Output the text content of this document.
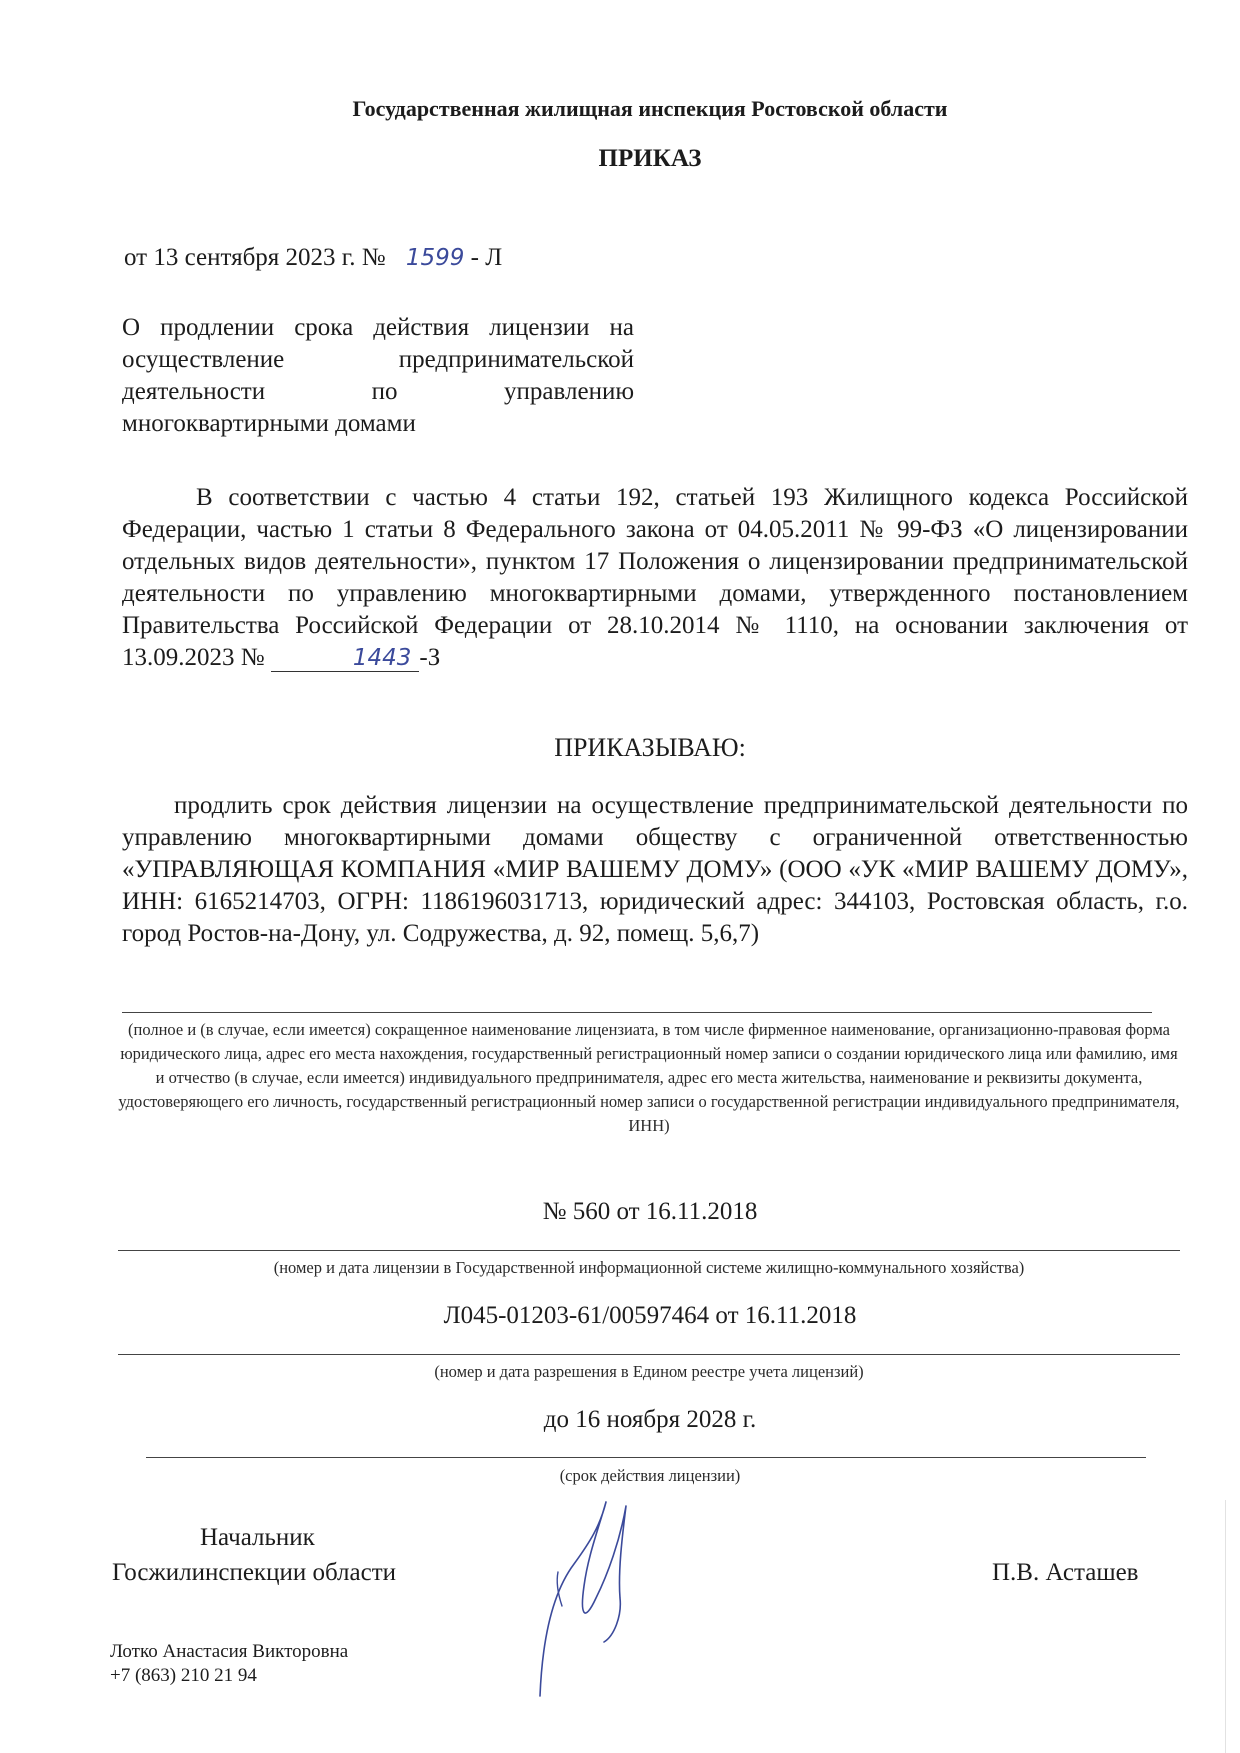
Государственная жилищная инспекция Ростовской области

ПРИКАЗ

от 13 сентября 2023 г. № 1599 - Л

О продлении срока действия лицензии на осуществление предпринимательской деятельности по управлению многоквартирными домами

В соответствии с частью 4 статьи 192, статьей 193 Жилищного кодекса Российской Федерации, частью 1 статьи 8 Федерального закона от 04.05.2011 № 99-ФЗ «О лицензировании отдельных видов деятельности», пунктом 17 Положения о лицензировании предпринимательской деятельности по управлению многоквартирными домами, утвержденного постановлением Правительства Российской Федерации от 28.10.2014 № 1110, на основании заключения от 13.09.2023 №	1443 -З

ПРИКАЗЫВАЮ:

продлить срок действия лицензии на осуществление предпринимательской деятельности по управлению многоквартирными домами обществу с ограниченной ответственностью «УПРАВЛЯЮЩАЯ КОМПАНИЯ «МИР ВАШЕМУ ДОМУ» (ООО «УК «МИР ВАШЕМУ ДОМУ», ИНН: 6165214703, ОГРН: 1186196031713, юридический адрес: 344103, Ростовская область, г.о. город Ростов-на-Дону, ул. Содружества, д. 92, помещ. 5,6,7)

(полное и (в случае, если имеется) сокращенное наименование лицензиата, в том числе фирменное наименование, организационно-правовая форма юридического лица, адрес его места нахождения, государственный регистрационный номер записи о создании юридического лица или фамилию, имя и отчество (в случае, если имеется) индивидуального предпринимателя, адрес его места жительства, наименование и реквизиты документа, удостоверяющего его личность, государственный регистрационный номер записи о государственной регистрации индивидуального предпринимателя, ИНН)

№ 560 от 16.11.2018

(номер и дата лицензии в Государственной информационной системе жилищно-коммунального хозяйства)

Л045-01203-61/00597464 от 16.11.2018

(номер и дата разрешения в Едином реестре учета лицензий)

до 16 ноября 2028 г.

(срок действия лицензии)

Начальник

Госжилинспекции области	П.В. Асташев

Лотко Анастасия Викторовна
+7 (863) 210 21 94
